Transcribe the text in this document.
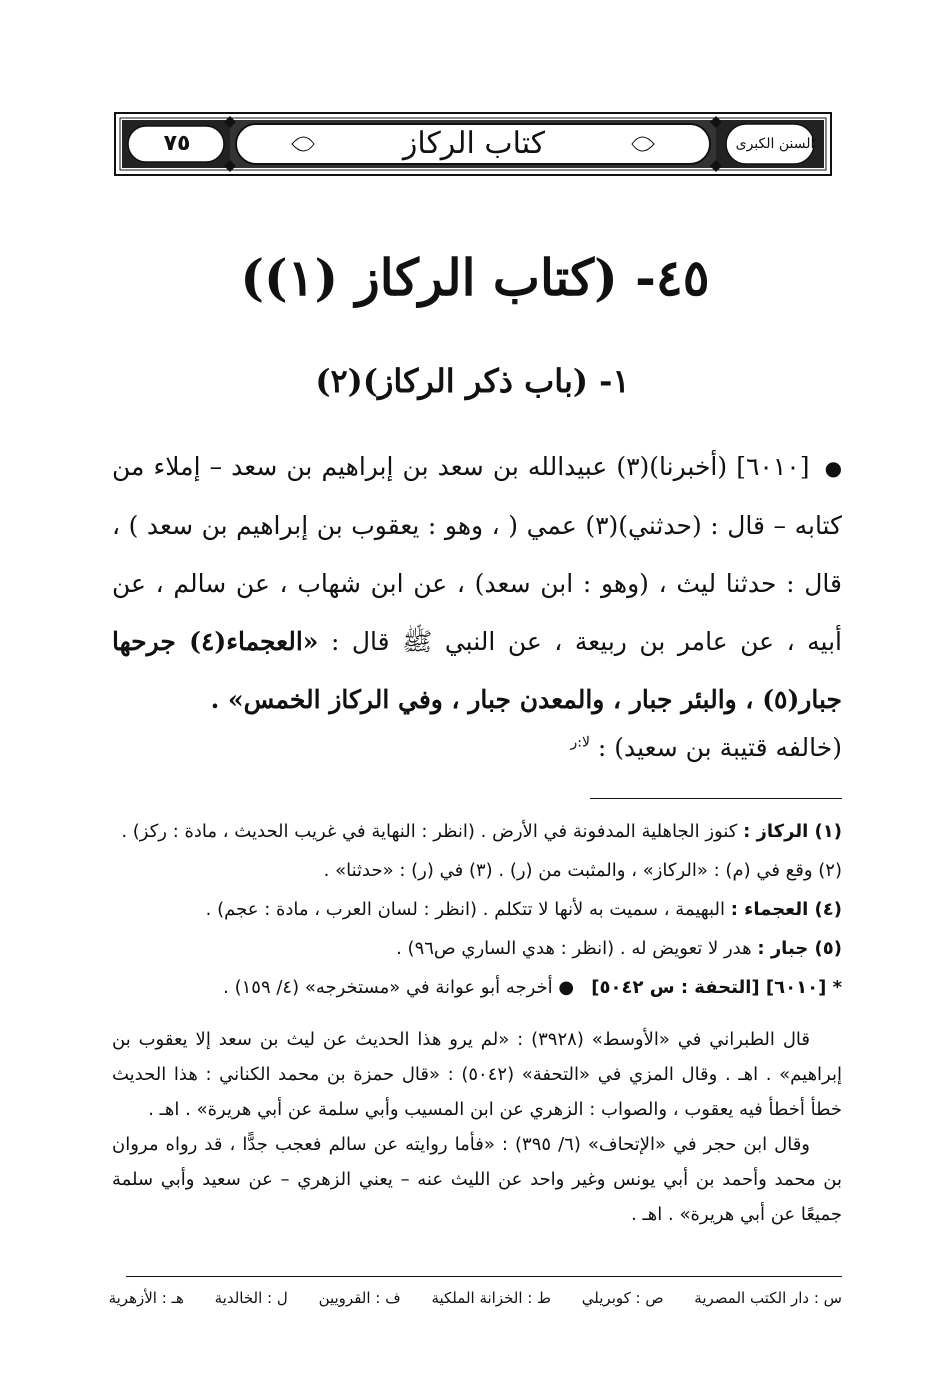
٧٥	كتاب الركاز	السنن الكبرى
٤٥- (كتاب الركاز (١))
١- (باب ذكر الركاز)(٢)
● [٦٠١٠] (أخبرنا)(٣) عبيدالله بن سعد بن إبراهيم بن سعد – إملاء من كتابه – قال : (حدثني)(٣) عمي ( ، وهو : يعقوب بن إبراهيم بن سعد ) ، قال : حدثنا ليث ، (وهو : ابن سعد) ، عن ابن شهاب ، عن سالم ، عن أبيه ، عن عامر بن ربيعة ، عن النبي ﷺ قال : «العجماء(٤) جرحها جبار(٥) ، والبئر جبار ، والمعدن جبار ، وفي الركاز الخمس» .
(خالفه قتيبة بن سعيد) : $^{لا:ر}$
(١) الركاز : كنوز الجاهلية المدفونة في الأرض . (انظر : النهاية في غريب الحديث ، مادة : ركز) .
(٢) وقع في (م) : «الركاز» ، والمثبت من (ر) . (٣) في (ر) : «حدثنا» .
(٤) العجماء : البهيمة ، سميت به لأنها لا تتكلم . (انظر : لسان العرب ، مادة : عجم) .
(٥) جبار : هدر لا تعويض له . (انظر : هدي الساري ص٩٦) .
* [٦٠١٠] [التحفة : س ٥٠٤٢]   ● أخرجه أبو عوانة في «مستخرجه» (٤/ ١٥٩) .

قال الطبراني في «الأوسط» (٣٩٢٨) : «لم يرو هذا الحديث عن ليث بن سعد إلا يعقوب بن إبراهيم» . اهـ . وقال المزي في «التحفة» (٥٠٤٢) : «قال حمزة بن محمد الكناني : هذا الحديث خطأ أخطأ فيه يعقوب ، والصواب : الزهري عن ابن المسيب وأبي سلمة عن أبي هريرة» . اهـ .

وقال ابن حجر في «الإتحاف» (٦/ ٣٩٥) : «فأما روايته عن سالم فعجب جدًّا ، قد رواه مروان بن محمد وأحمد بن أبي يونس وغير واحد عن الليث عنه – يعني الزهري – عن سعيد وأبي سلمة جميعًا عن أبي هريرة» . اهـ .

س : دار الكتب المصرية ص : كوبريلي ط : الخزانة الملكية ف : القرويين ل : الخالدية هـ : الأزهرية
